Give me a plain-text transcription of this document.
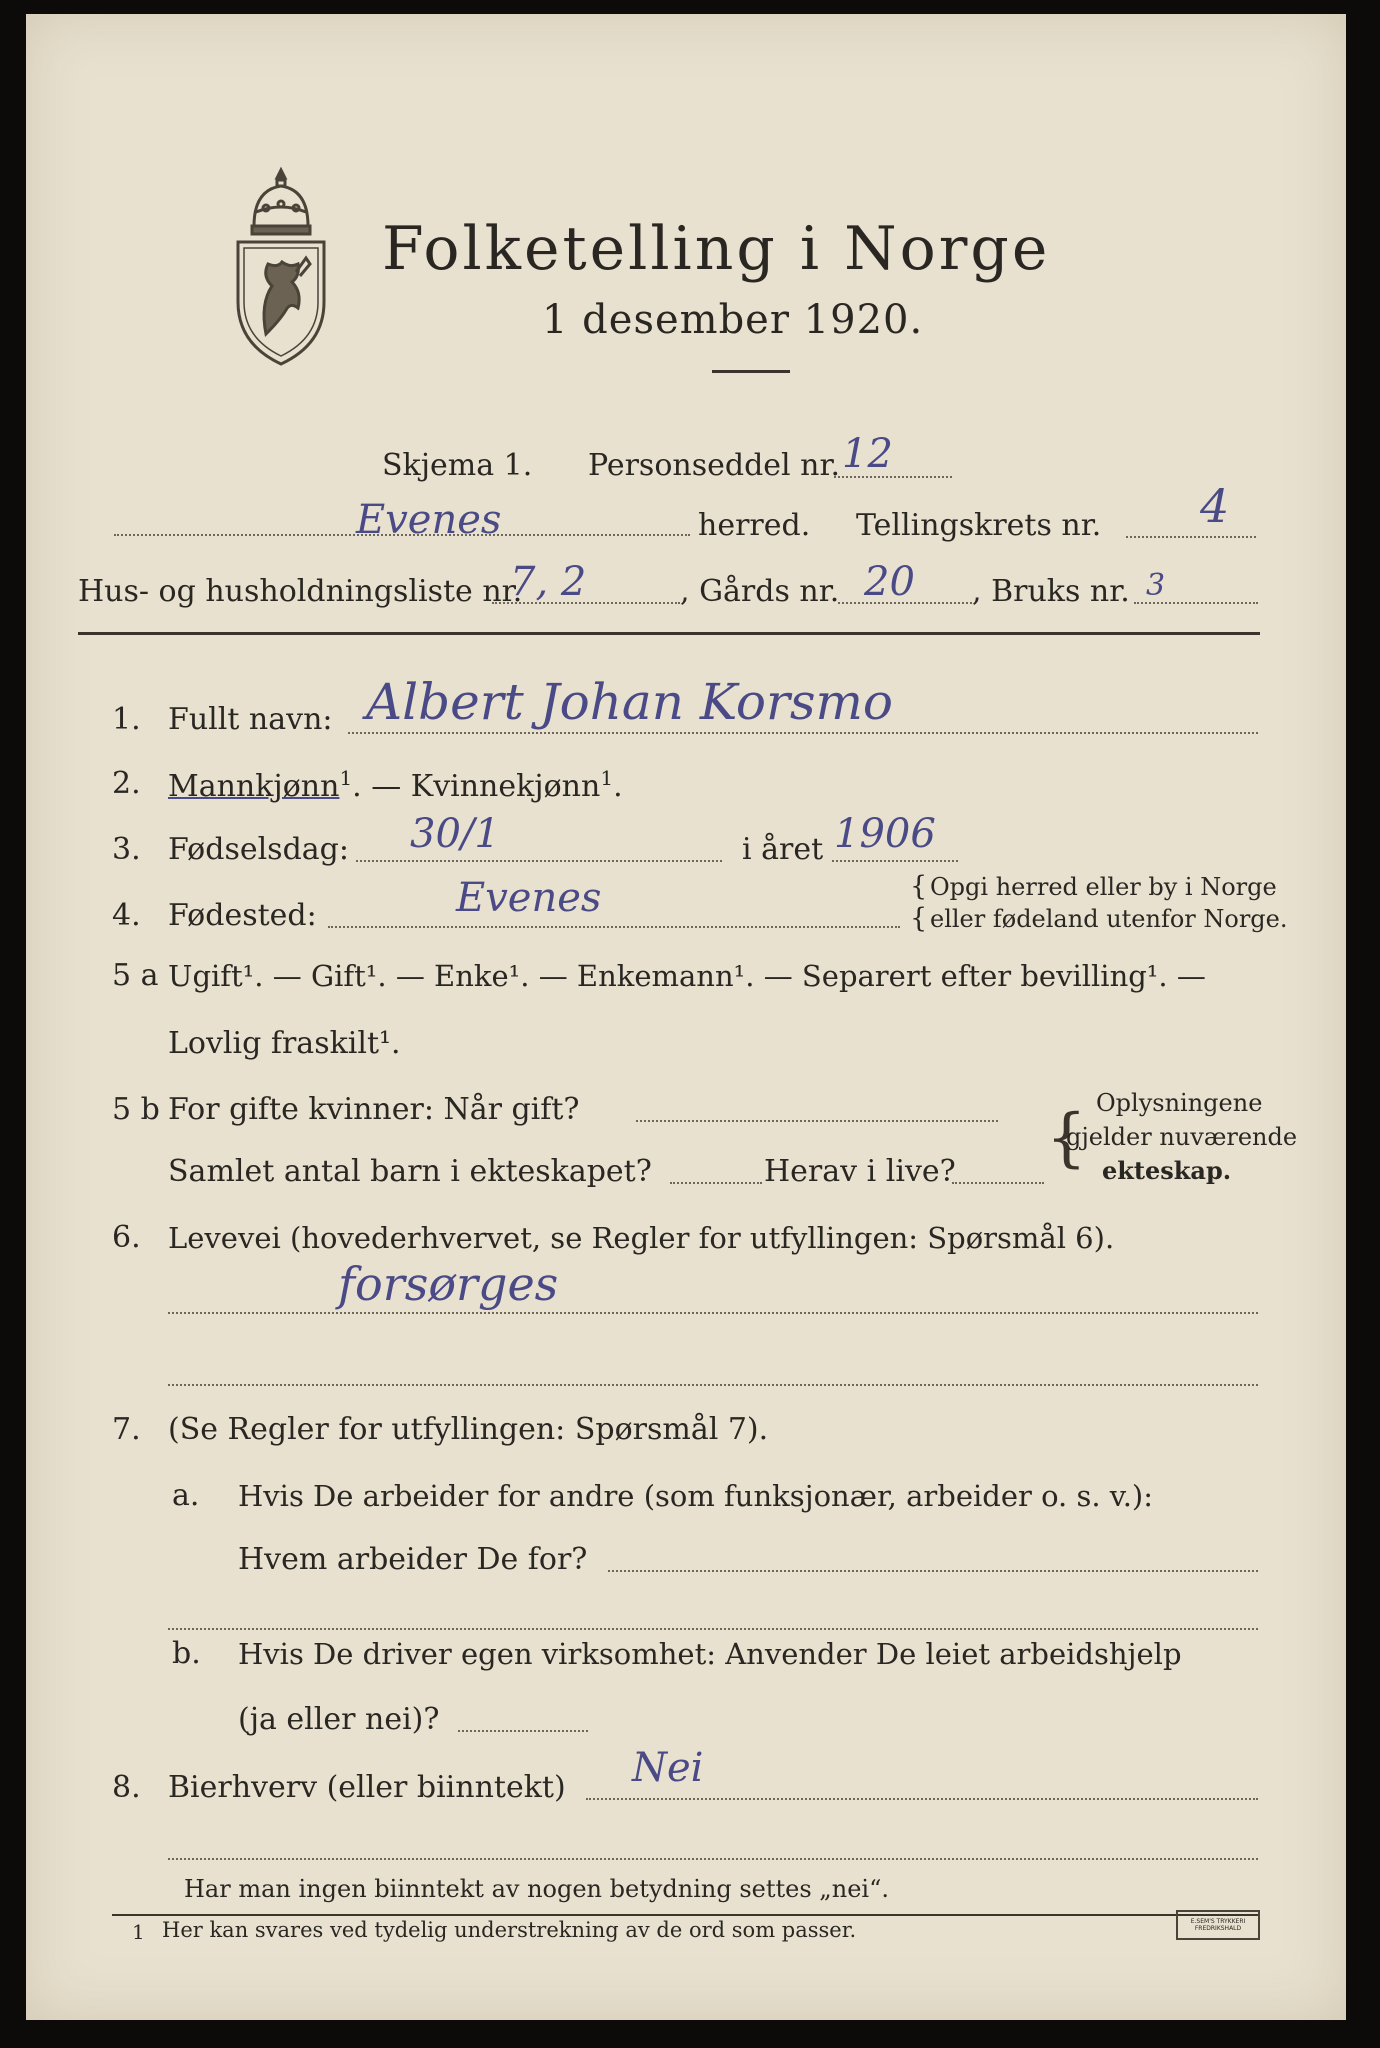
Folketelling i Norge
1 desember 1920.
Skjema 1. Personseddel nr. 12
Evenes	herred. Tellingskrets nr. 4
Hus- og husholdningsliste nr.
7, 2	, Gårds nr. 20 , Bruks nr. 3
1. Fullt navn: Albert Johan Korsmo
2. Mannkjønn$^1$. — Kvinnekjønn$^1$.
3. Fødselsdag: 30/1	i året 1906
4. Fødested:	Evenes	{
{
Opgi herred eller by i Norge
eller fødeland utenfor Norge.
5 a Ugift¹. — Gift¹. — Enke¹. — Enkemann¹. — Separert efter bevilling¹. —
Lovlig fraskilt¹.
5 b For gifte kvinner: Når gift?
Samlet antal barn i ekteskapet?	Herav i live? { Oplysningene
gjelder nuværende
ekteskap.
6. Levevei (hovederhvervet, se Regler for utfyllingen: Spørsmål 6).
forsørges
7. (Se Regler for utfyllingen: Spørsmål 7).
a. Hvis De arbeider for andre (som funksjonær, arbeider o. s. v.):
Hvem arbeider De for?
b. Hvis De driver egen virksomhet: Anvender De leiet arbeidshjelp
(ja eller nei)?
8. Bierhverv (eller biinntekt) Nei
Har man ingen biinntekt av nogen betydning settes „nei“.
1 Her kan svares ved tydelig understrekning av de ord som passer.	E.SEM'S TRYKKERI FREDRIKSHALD
